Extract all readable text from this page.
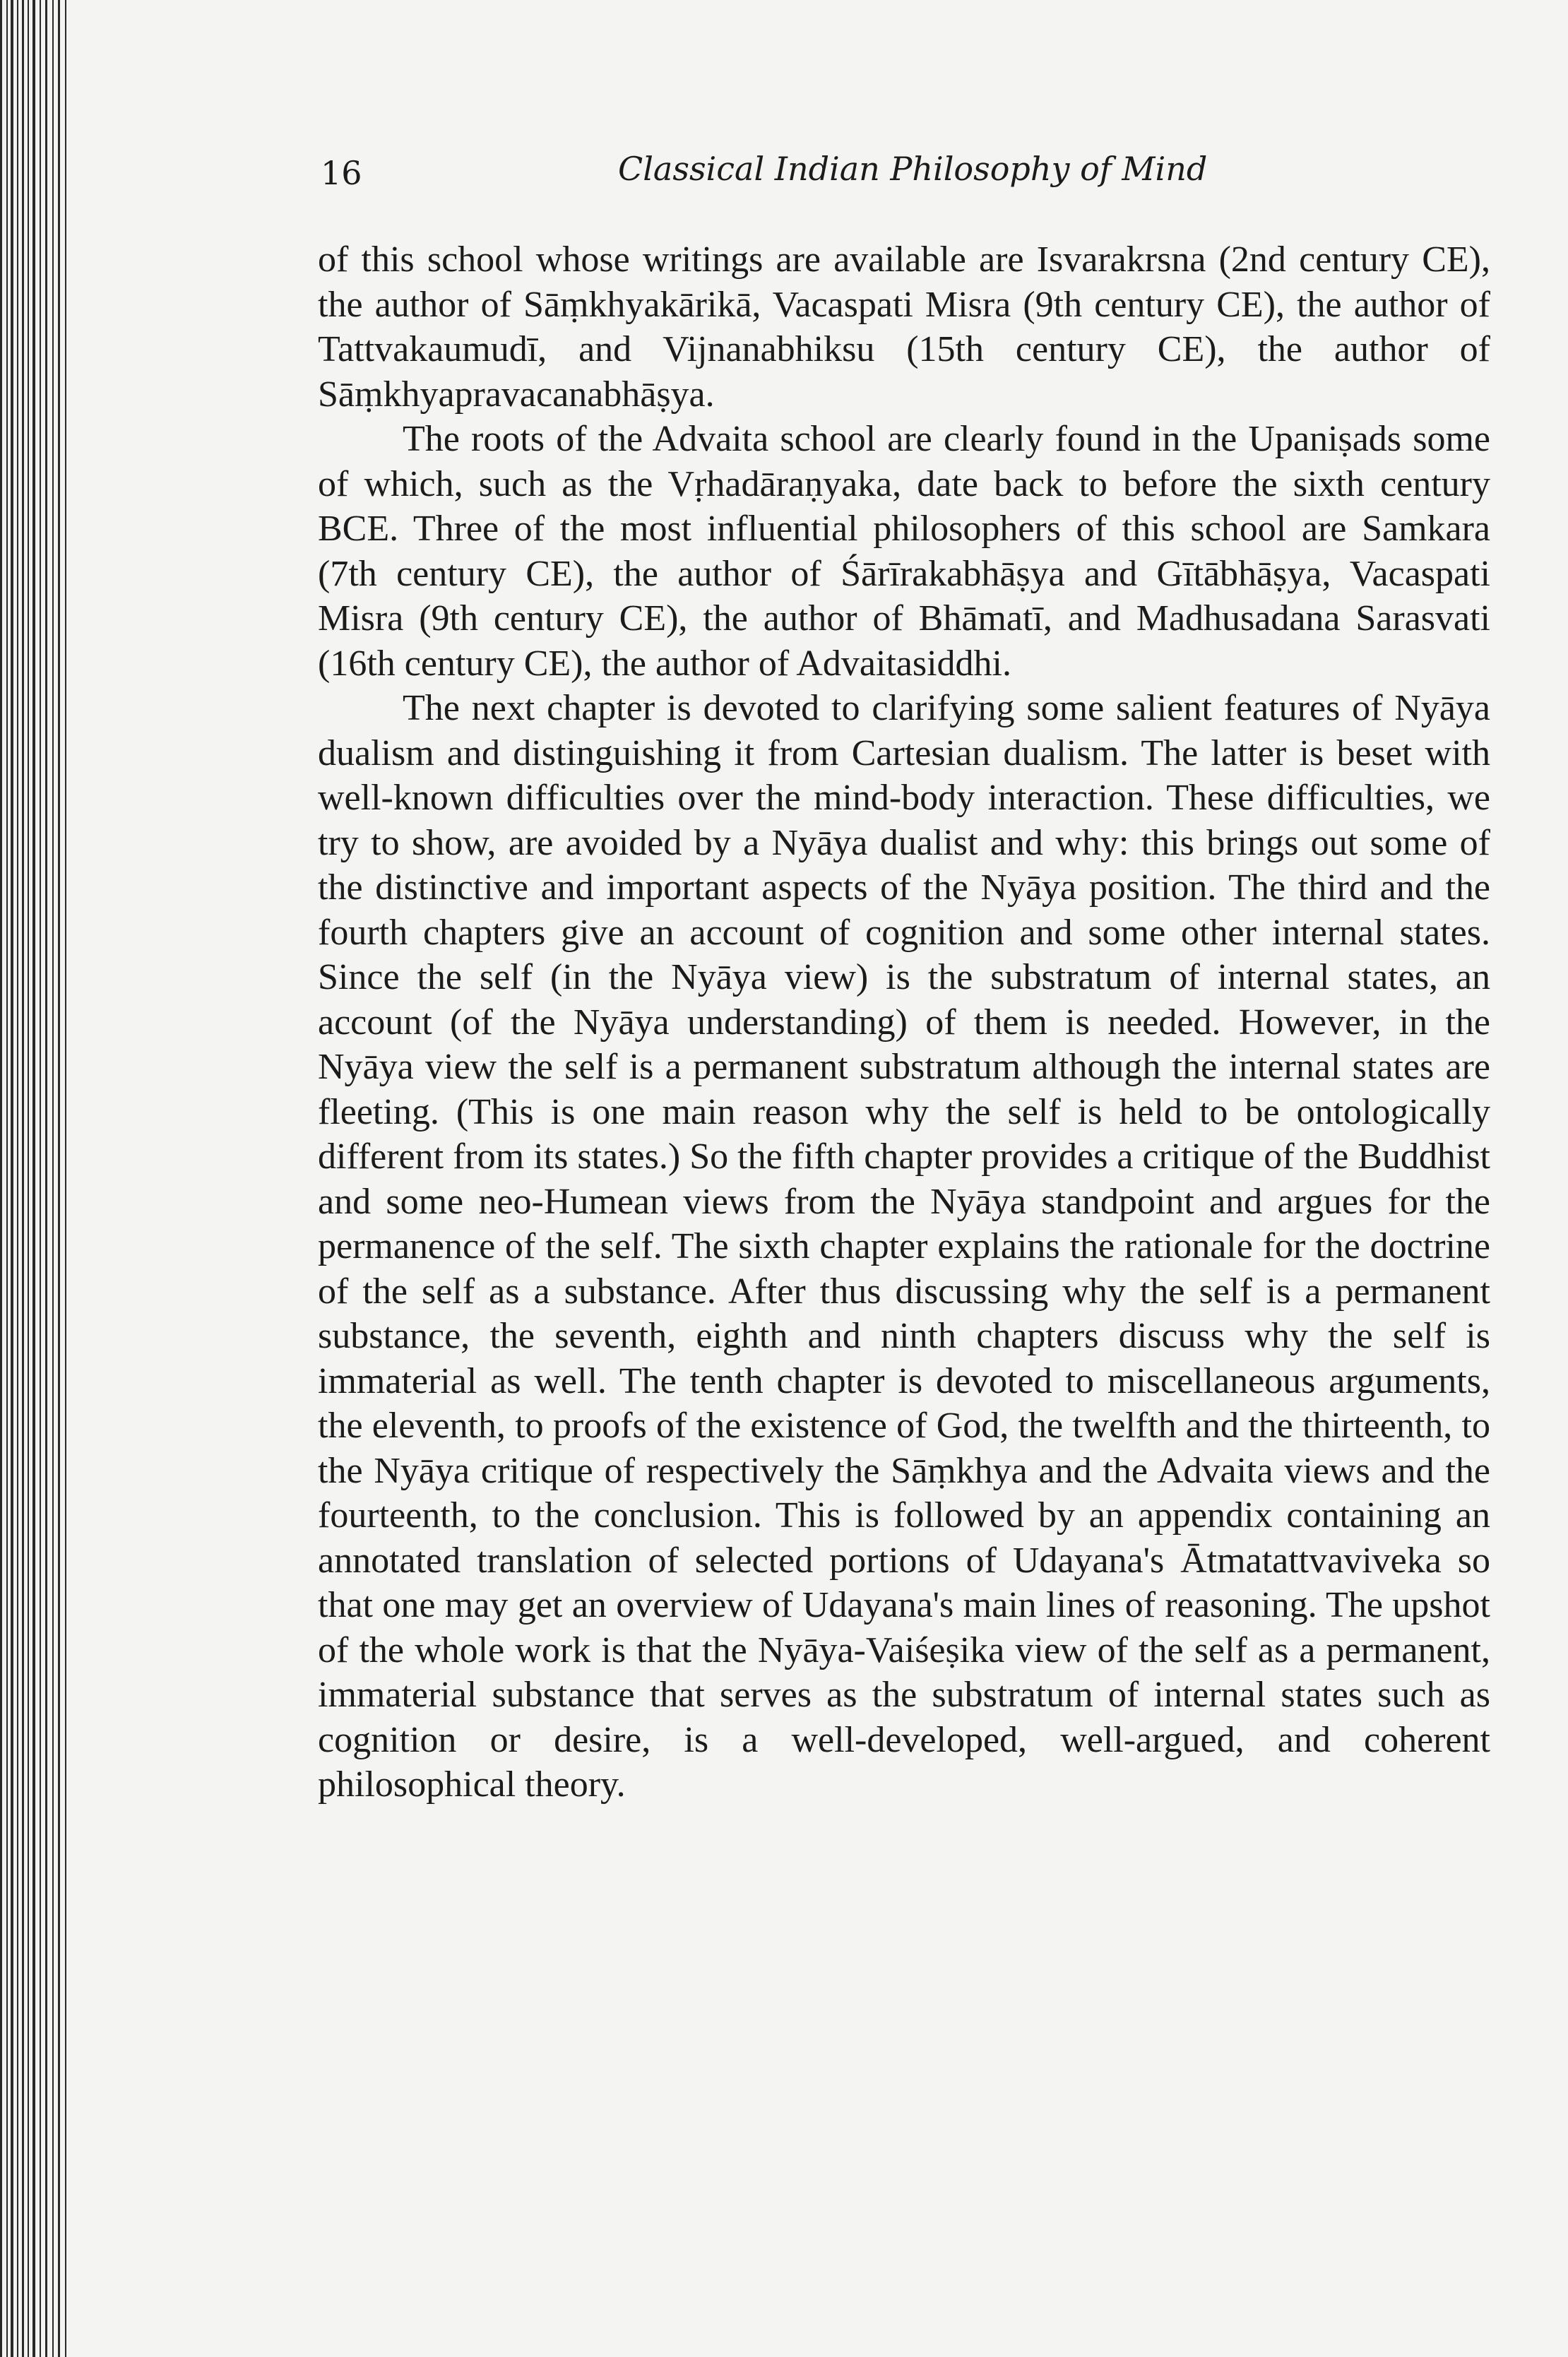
16	Classical Indian Philosophy of Mind

of this school whose writings are available are Isvarakrsna (2nd century CE), the author of Sāṃkhyakārikā, Vacaspati Misra (9th century CE), the author of Tattvakaumudī, and Vijnanabhiksu (15th century CE), the author of Sāṃkhyapravacanabhāṣya.

The roots of the Advaita school are clearly found in the Upaniṣads some of which, such as the Vṛhadāraṇyaka, date back to before the sixth century BCE. Three of the most influential philosophers of this school are Samkara (7th century CE), the author of Śārīrakabhāṣya and Gītābhāṣya, Vacaspati Misra (9th century CE), the author of Bhāmatī, and Madhusadana Sarasvati (16th century CE), the author of Advaitasiddhi.

The next chapter is devoted to clarifying some salient features of Nyāya dualism and distinguishing it from Cartesian dualism. The latter is beset with well-known difficulties over the mind-body interaction. These difficulties, we try to show, are avoided by a Nyāya dualist and why: this brings out some of the distinctive and important aspects of the Nyāya position. The third and the fourth chapters give an account of cognition and some other internal states. Since the self (in the Nyāya view) is the substratum of internal states, an account (of the Nyāya understanding) of them is needed. However, in the Nyāya view the self is a permanent substratum although the internal states are fleeting. (This is one main reason why the self is held to be ontologically different from its states.) So the fifth chapter provides a critique of the Buddhist and some neo-Humean views from the Nyāya standpoint and argues for the permanence of the self. The sixth chapter explains the rationale for the doctrine of the self as a substance. After thus discussing why the self is a permanent substance, the seventh, eighth and ninth chapters discuss why the self is immaterial as well. The tenth chapter is devoted to miscellaneous arguments, the eleventh, to proofs of the existence of God, the twelfth and the thirteenth, to the Nyāya critique of respectively the Sāṃkhya and the Advaita views and the fourteenth, to the conclusion. This is followed by an appendix containing an annotated translation of selected portions of Udayana's Ātmatattvaviveka so that one may get an overview of Udayana's main lines of reasoning. The upshot of the whole work is that the Nyāya-Vaiśeṣika view of the self as a permanent, immaterial substance that serves as the substratum of internal states such as cognition or desire, is a well-developed, well-argued, and coherent philosophical theory.
